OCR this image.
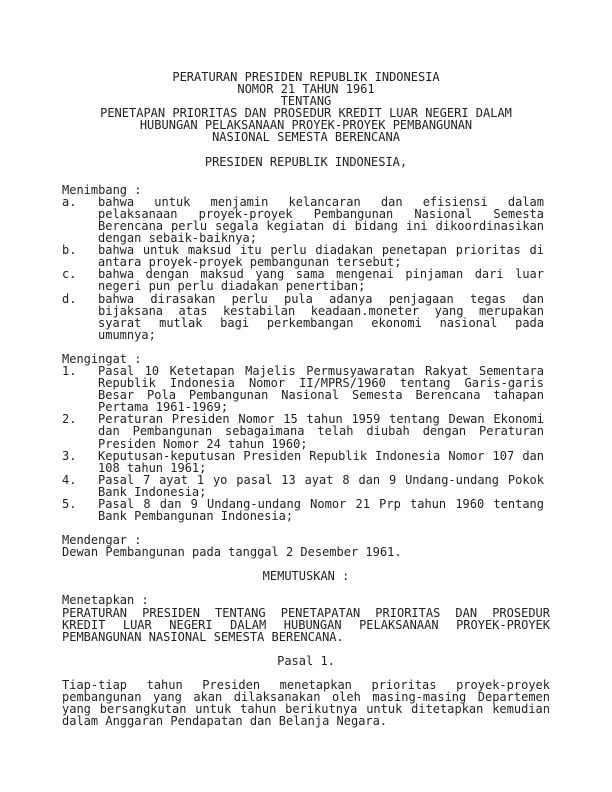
PERATURAN PRESIDEN REPUBLIK INDONESIA
NOMOR 21 TAHUN 1961
TENTANG
PENETAPAN PRIORITAS DAN PROSEDUR KREDIT LUAR NEGERI DALAM
HUBUNGAN PELAKSANAAN PROYEK-PROYEK PEMBANGUNAN
NASIONAL SEMESTA BERENCANA
PRESIDEN REPUBLIK INDONESIA,
Menimbang :
a. bahwa untuk menjamin kelancaran dan efisiensi dalam
pelaksanaan proyek-proyek Pembangunan Nasional Semesta
Berencana perlu segala kegiatan di bidang ini dikoordinasikan
dengan sebaik-baiknya;
b. bahwa untuk maksud itu perlu diadakan penetapan prioritas di
antara proyek-proyek pembangunan tersebut;
c. bahwa dengan maksud yang sama mengenai pinjaman dari luar
negeri pun perlu diadakan penertiban;
d. bahwa dirasakan perlu pula adanya penjagaan tegas dan
bijaksana atas kestabilan keadaan.moneter yang merupakan
syarat mutlak bagi perkembangan ekonomi nasional pada
umumnya;
Mengingat :
1. Pasal 10 Ketetapan Majelis Permusyawaratan Rakyat Sementara
Republik Indonesia Nomor II/MPRS/1960 tentang Garis-garis
Besar Pola Pembangunan Nasional Semesta Berencana tahapan
Pertama 1961-1969;
2. Peraturan Presiden Nomor 15 tahun 1959 tentang Dewan Ekonomi
dan Pembangunan sebagaimana telah diubah dengan Peraturan
Presiden Nomor 24 tahun 1960;
3. Keputusan-keputusan Presiden Republik Indonesia Nomor 107 dan
108 tahun 1961;
4. Pasal 7 ayat 1 yo pasal 13 ayat 8 dan 9 Undang-undang Pokok
Bank Indonesia;
5. Pasal 8 dan 9 Undang-undang Nomor 21 Prp tahun 1960 tentang
Bank Pembangunan Indonesia;
Mendengar :
Dewan Pembangunan pada tanggal 2 Desember 1961.
MEMUTUSKAN :
Menetapkan :
PERATURAN PRESIDEN TENTANG PENETAPATAN PRIORITAS DAN PROSEDUR
KREDIT LUAR NEGERI DALAM HUBUNGAN PELAKSANAAN PROYEK-PROYEK
PEMBANGUNAN NASIONAL SEMESTA BERENCANA.
Pasal 1.
Tiap-tiap tahun Presiden menetapkan prioritas proyek-proyek
pembangunan yang akan dilaksanakan oleh masing-masing Departemen
yang bersangkutan untuk tahun berikutnya untuk ditetapkan kemudian
dalam Anggaran Pendapatan dan Belanja Negara.
